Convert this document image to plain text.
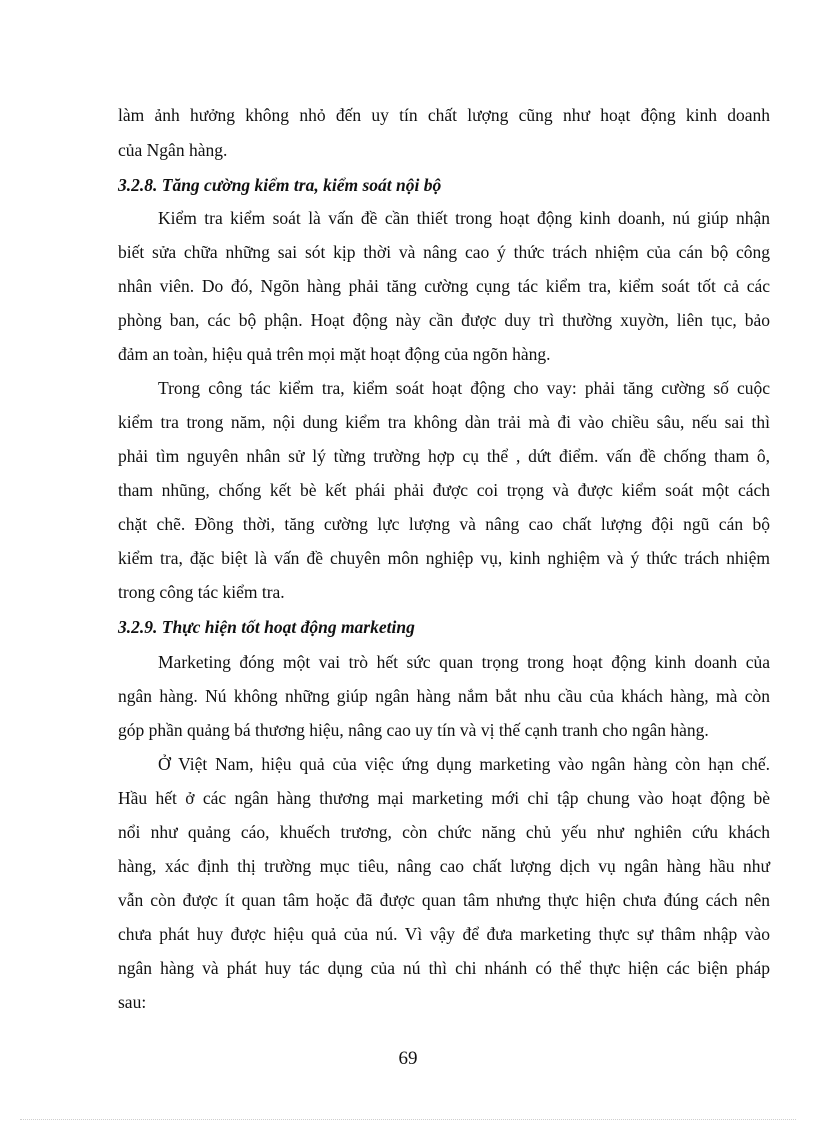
làm ảnh hưởng không nhỏ đến uy tín chất lượng cũng như hoạt động kinh doanh
của Ngân hàng.
3.2.8. Tăng cường kiểm tra, kiểm soát nội bộ
Kiểm tra kiểm soát là vấn đề cần thiết trong hoạt động kinh doanh, nú giúp nhận
biết sửa chữa những sai sót kịp thời và nâng cao ý thức trách nhiệm của cán bộ công
nhân viên. Do đó, Ngõn hàng phải tăng cường cụng tác kiểm tra, kiểm soát tốt cả các
phòng ban, các bộ phận. Hoạt động này cần được duy trì thường xuyờn, liên tục, bảo
đảm an toàn, hiệu quả trên mọi mặt hoạt động của ngõn hàng.
Trong công tác kiểm tra, kiểm soát hoạt động cho vay: phải tăng cường số cuộc
kiểm tra trong năm, nội dung kiểm tra không dàn trải mà đi vào chiều sâu, nếu sai thì
phải tìm nguyên nhân sử lý từng trường hợp cụ thể , dứt điểm. vấn đề chống tham ô,
tham nhũng, chống kết bè kết phái phải được coi trọng và được kiểm soát một cách
chặt chẽ. Đồng thời, tăng cường lực lượng và nâng cao chất lượng đội ngũ cán bộ
kiểm tra, đặc biệt là vấn đề chuyên môn nghiệp vụ, kinh nghiệm và ý thức trách nhiệm
trong công tác kiểm tra.
3.2.9. Thực hiện tốt hoạt động marketing
Marketing đóng một vai trò hết sức quan trọng trong hoạt động kinh doanh của
ngân hàng. Nú không những giúp ngân hàng nắm bắt nhu cầu của khách hàng, mà còn
góp phần quảng bá thương hiệu, nâng cao uy tín và vị thế cạnh tranh cho ngân hàng.
Ở Việt Nam, hiệu quả của việc ứng dụng marketing vào ngân hàng còn hạn chế.
Hầu hết ở các ngân hàng thương mại marketing mới chỉ tập chung vào hoạt động bè
nổi như quảng cáo, khuếch trương, còn chức năng chủ yếu như nghiên cứu khách
hàng, xác định thị trường mục tiêu, nâng cao chất lượng dịch vụ ngân hàng hầu như
vẫn còn được ít quan tâm hoặc đã được quan tâm nhưng thực hiện chưa đúng cách nên
chưa phát huy được hiệu quả của nú. Vì vậy để đưa marketing thực sự thâm nhập vào
ngân hàng và phát huy tác dụng của nú thì chi nhánh có thể thực hiện các biện pháp
sau:
69
